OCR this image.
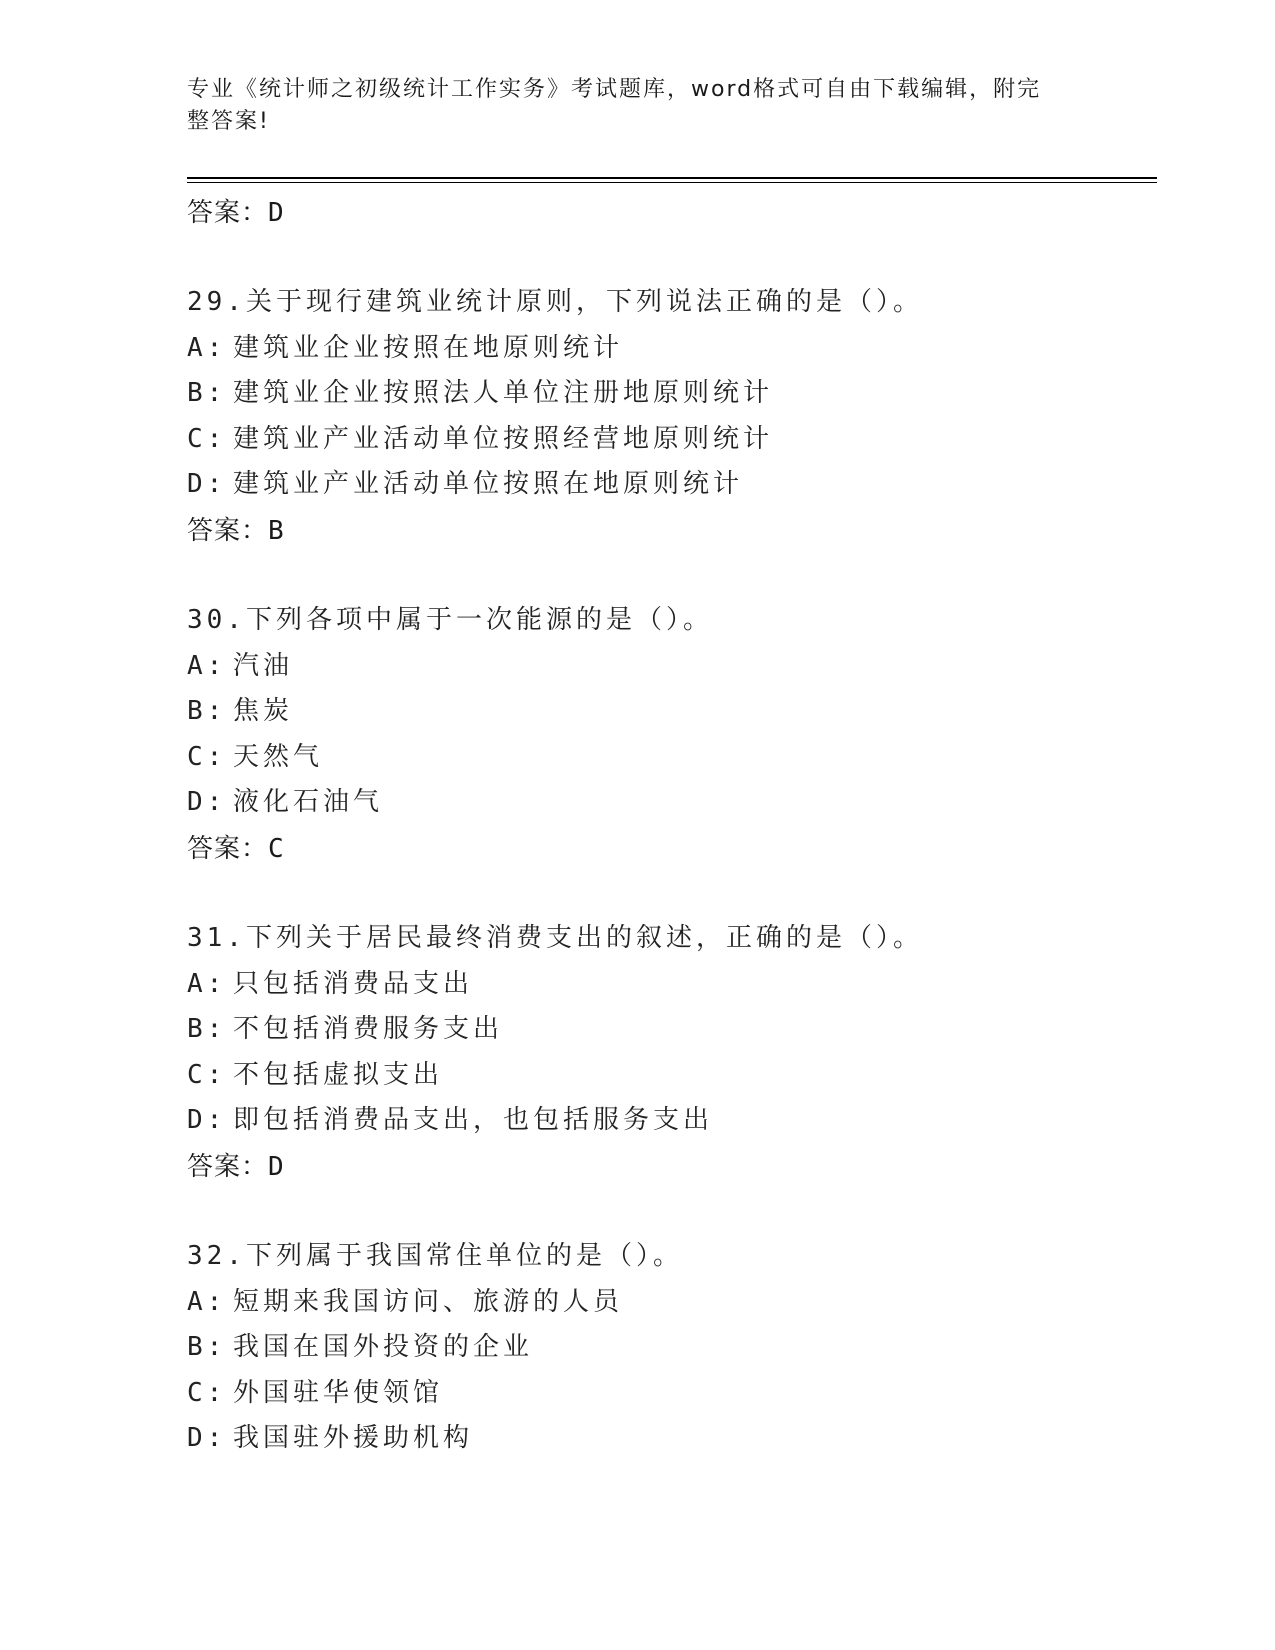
专业《统计师之初级统计工作实务》考试题库，word格式可自由下载编辑，附完
整答案!
答案：D
29.关于现行建筑业统计原则，下列说法正确的是（）。
A: 建筑业企业按照在地原则统计
B: 建筑业企业按照法人单位注册地原则统计
C: 建筑业产业活动单位按照经营地原则统计
D: 建筑业产业活动单位按照在地原则统计
答案：B
30.下列各项中属于一次能源的是（）。
A: 汽油
B: 焦炭
C: 天然气
D: 液化石油气
答案：C
31.下列关于居民最终消费支出的叙述，正确的是（）。
A: 只包括消费品支出
B: 不包括消费服务支出
C: 不包括虚拟支出
D: 即包括消费品支出，也包括服务支出
答案：D
32.下列属于我国常住单位的是（）。
A: 短期来我国访问、旅游的人员
B: 我国在国外投资的企业
C: 外国驻华使领馆
D: 我国驻外援助机构
